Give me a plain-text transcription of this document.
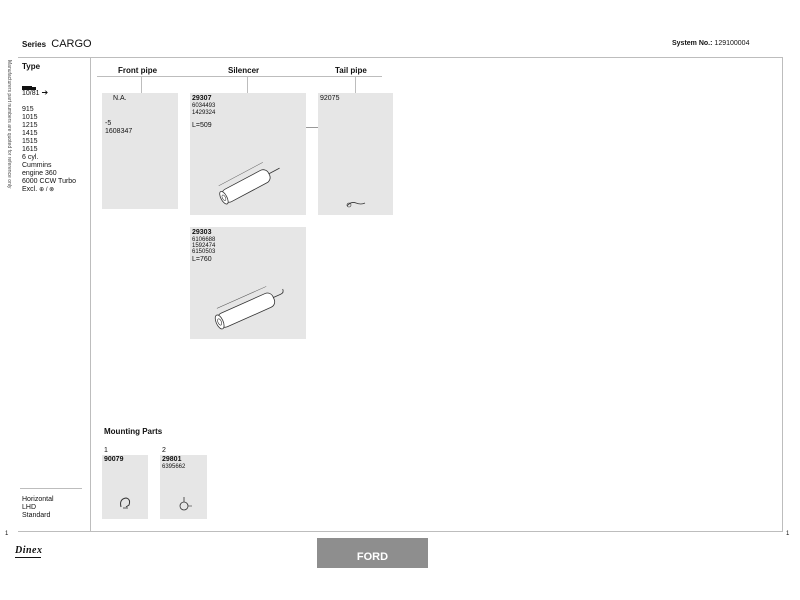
Series CARGO	System No.: 129100004
Manufacturers part numbers are quoted for reference only Type
10/81 ➔
915
1015
1215
1415
1515
1615
6 cyl.
Cummins
engine 360
6000 CCW Turbo
Excl. ⊕ / ⊗
Horizontal
LHD
Standard
Front pipe	Silencer	Tail pipe
N.A.
-5
1608347
29307
6034493
1429324
L=509
92075
29303
6106688
1592474
6150503
L=760
Mounting Parts
1
90079
2
29801
6395662
1	1
Dinex
FORD
